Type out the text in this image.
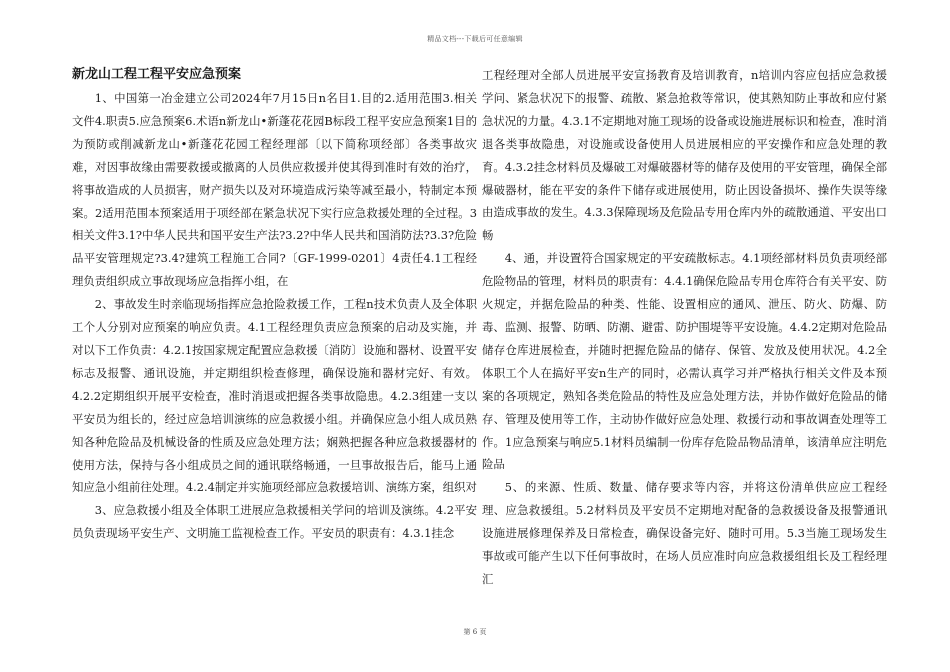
精品文档---下载后可任意编辑
新龙山工程工程平安应急预案

1、中国第一冶金建立公司2024年7月15日n名目1.目的2.适用范围3.相关文件4.职责5.应急预案6.术语n新龙山•新蓬花花园B标段工程平安应急预案1目的为预防或削减新龙山•新蓬花花园工程经理部〔以下简称项经部〕各类事故灾难，对因事故缘由需要救援或撤离的人员供应救援并使其得到准时有效的治疗，将事故造成的人员损害，财产损失以及对环境造成污染等减至最小，特制定本预案。2适用范围本预案适用于项经部在紧急状况下实行应急救援处理的全过程。3相关文件3.1?中华人民共和国平安生产法?3.2?中华人民共和国消防法?3.3?危险品平安管理规定?3.4?建筑工程施工合同?〔GF-1999-0201〕4责任4.1工程经理负责组织成立事故现场应急指挥小组，在

2、事故发生时亲临现场指挥应急抢险救援工作，工程n技术负责人及全体职工个人分别对应预案的响应负责。4.1工程经理负责应急预案的启动及实施，并对以下工作负责：4.2.1按国家规定配置应急救援〔消防〕设施和器材、设置平安标志及报警、通讯设施，并定期组织检查修理，确保设施和器材完好、有效。4.2.2定期组织开展平安检查，准时消退或把握各类事故隐患。4.2.3组建一支以平安员为组长的，经过应急培训演练的应急救援小组。并确保应急小组人成员熟知各种危险品及机械设备的性质及应急处理方法；娴熟把握各种应急救援器材的使用方法，保持与各小组成员之间的通讯联络畅通，一旦事故报告后，能马上通知应急小组前往处理。4.2.4制定并实施项经部应急救援培训、演练方案，组织对

3、应急救援小组及全体职工进展应急救援相关学问的培训及演练。4.2平安员负责现场平安生产、文明施工监视检查工作。平安员的职责有：4.3.1挂念

工程经理对全部人员进展平安宣扬教育及培训教育，n培训内容应包括应急救援学问、紧急状况下的报警、疏散、紧急抢救等常识，使其熟知防止事故和应付紧急状况的力量。4.3.1不定期地对施工现场的设备或设施进展标识和检查，准时消退各类事故隐患，对设施或设备使用人员进展相应的平安操作和应急处理的教育。4.3.2挂念材料员及爆破工对爆破器材等的储存及使用的平安管理，确保全部爆破器材，能在平安的条件下储存或进展使用，防止因设备损坏、操作失误等缘由造成事故的发生。4.3.3保障现场及危险品专用仓库内外的疏散通道、平安出口畅

4、通，并设置符合国家规定的平安疏散标志。4.1项经部材料员负责项经部危险物品的管理，材料员的职责有：4.4.1确保危险品专用仓库符合有关平安、防火规定，并据危险品的种类、性能、设置相应的通风、泄压、防火、防爆、防毒、监测、报警、防晒、防潮、避雷、防护围堤等平安设施。4.4.2定期对危险品储存仓库进展检查，并随时把握危险品的储存、保管、发放及使用状况。4.2全体职工个人在搞好平安n生产的同时，必需认真学习并严格执行相关文件及本预案的各项规定，熟知各类危险品的特性及应急处理方法，并协作做好危险品的储存、管理及使用等工作，主动协作做好应急处理、救援行动和事故调查处理等工作。1应急预案与响应5.1材料员编制一份库存危险品物品清单，该清单应注明危险品

5、的来源、性质、数量、储存要求等内容，并将这份清单供应应工程经理、应急救援组。5.2材料员及平安员不定期地对配备的急救援设备及报警通讯设施进展修理保养及日常检查，确保设备完好、随时可用。5.3当施工现场发生事故或可能产生以下任何事故时，在场人员应准时向应急救援组组长及工程经理汇

第 6 页
